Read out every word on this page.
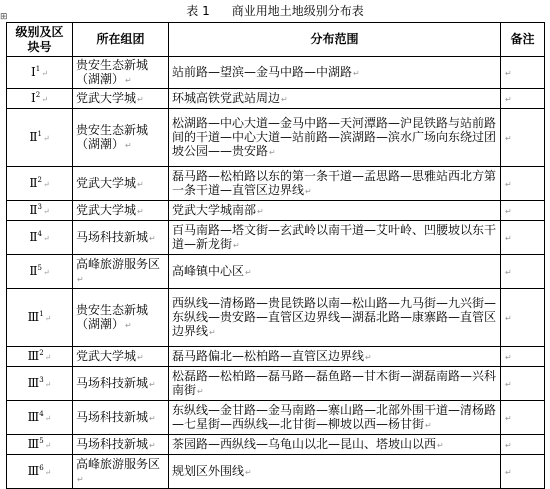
⊞	表 1 商业用地土地级别分布表
级别及区块号	所在组团	分布范围	备注
Ⅰ$^1$↵	贵安生态新城（湖潮）↵	站前路—望滨—金马中路—中湖路↵	↵
Ⅰ$^2$↵	党武大学城↵	环城高铁党武站周边↵	↵
Ⅱ$^1$↵	贵安生态新城（湖潮）↵	松湖路—中心大道—金马中路—天河潭路—沪昆铁路与站前路间的干道—中心大道—站前路—滨湖路—滨水广场向东绕过团坡公园——贵安路↵	↵
Ⅱ$^2$↵	党武大学城↵	磊马路—松柏路以东的第一条干道—孟思路—思雅站西北方第一条干道—直管区边界线↵	↵
Ⅱ$^3$↵	党武大学城↵	党武大学城南部↵	↵
Ⅱ$^4$↵	马场科技新城↵	百马南路—塔文街—玄武岭以南干道—艾叶岭、凹腰坡以东干道—新龙街↵	↵
Ⅱ$^5$↵	高峰旅游服务区↵	高峰镇中心区↵	↵
Ⅲ$^1$↵	贵安生态新城（湖潮）↵	西纵线—清杨路—贵昆铁路以南—松山路—九马街—九兴街—东纵线—贵安路—直管区边界线—湖磊北路—康寨路—直管区边界线↵	↵
Ⅲ$^2$↵	党武大学城↵	磊马路偏北—松柏路—直管区边界线↵	↵
Ⅲ$^3$↵	马场科技新城↵	松磊路—松柏路—磊马路—磊鱼路—甘木街—湖磊南路—兴科南街↵	↵
Ⅲ$^4$↵	马场科技新城↵	东纵线—金甘路—金马南路—寨山路—北部外围干道—清杨路—七星街—西纵线—北甘街—柳坡以西—杨甘街↵	↵
Ⅲ$^5$↵	马场科技新城↵	茶园路—西纵线—乌龟山以北—昆山、塔坡山以西↵	↵
Ⅲ$^6$↵	高峰旅游服务区↵	规划区外围线↵	↵
